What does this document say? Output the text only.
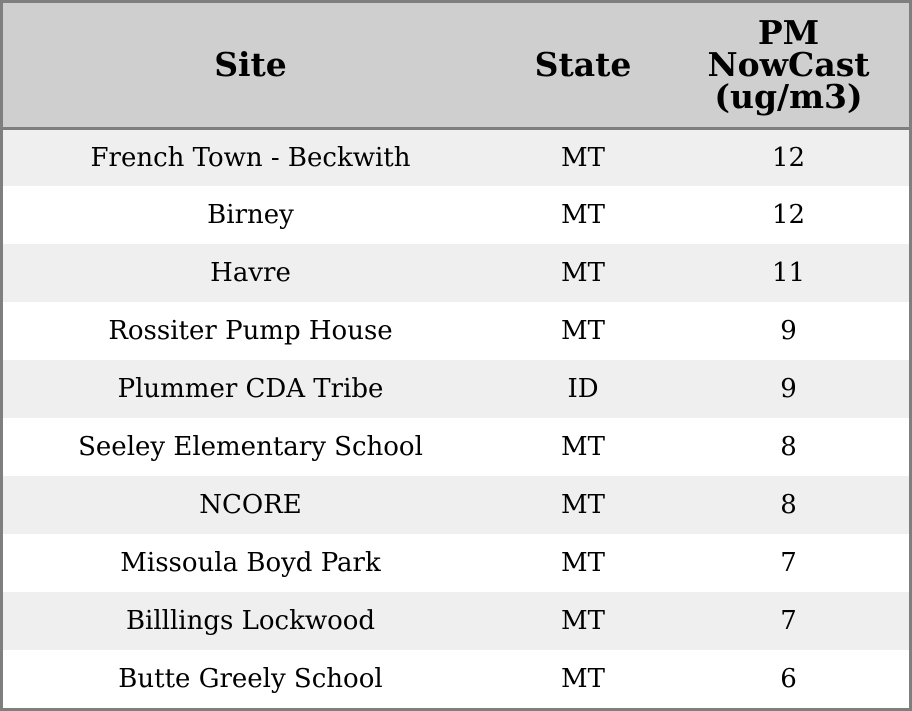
Site	State	PM
NowCast
(ug/m3)

French Town - Beckwith	MT	12
Birney	MT	12
Havre	MT	11
Rossiter Pump House	MT	9
Plummer CDA Tribe	ID	9
Seeley Elementary School	MT	8
NCORE	MT	8
Missoula Boyd Park	MT	7
Billlings Lockwood	MT	7
Butte Greely School	MT	6
